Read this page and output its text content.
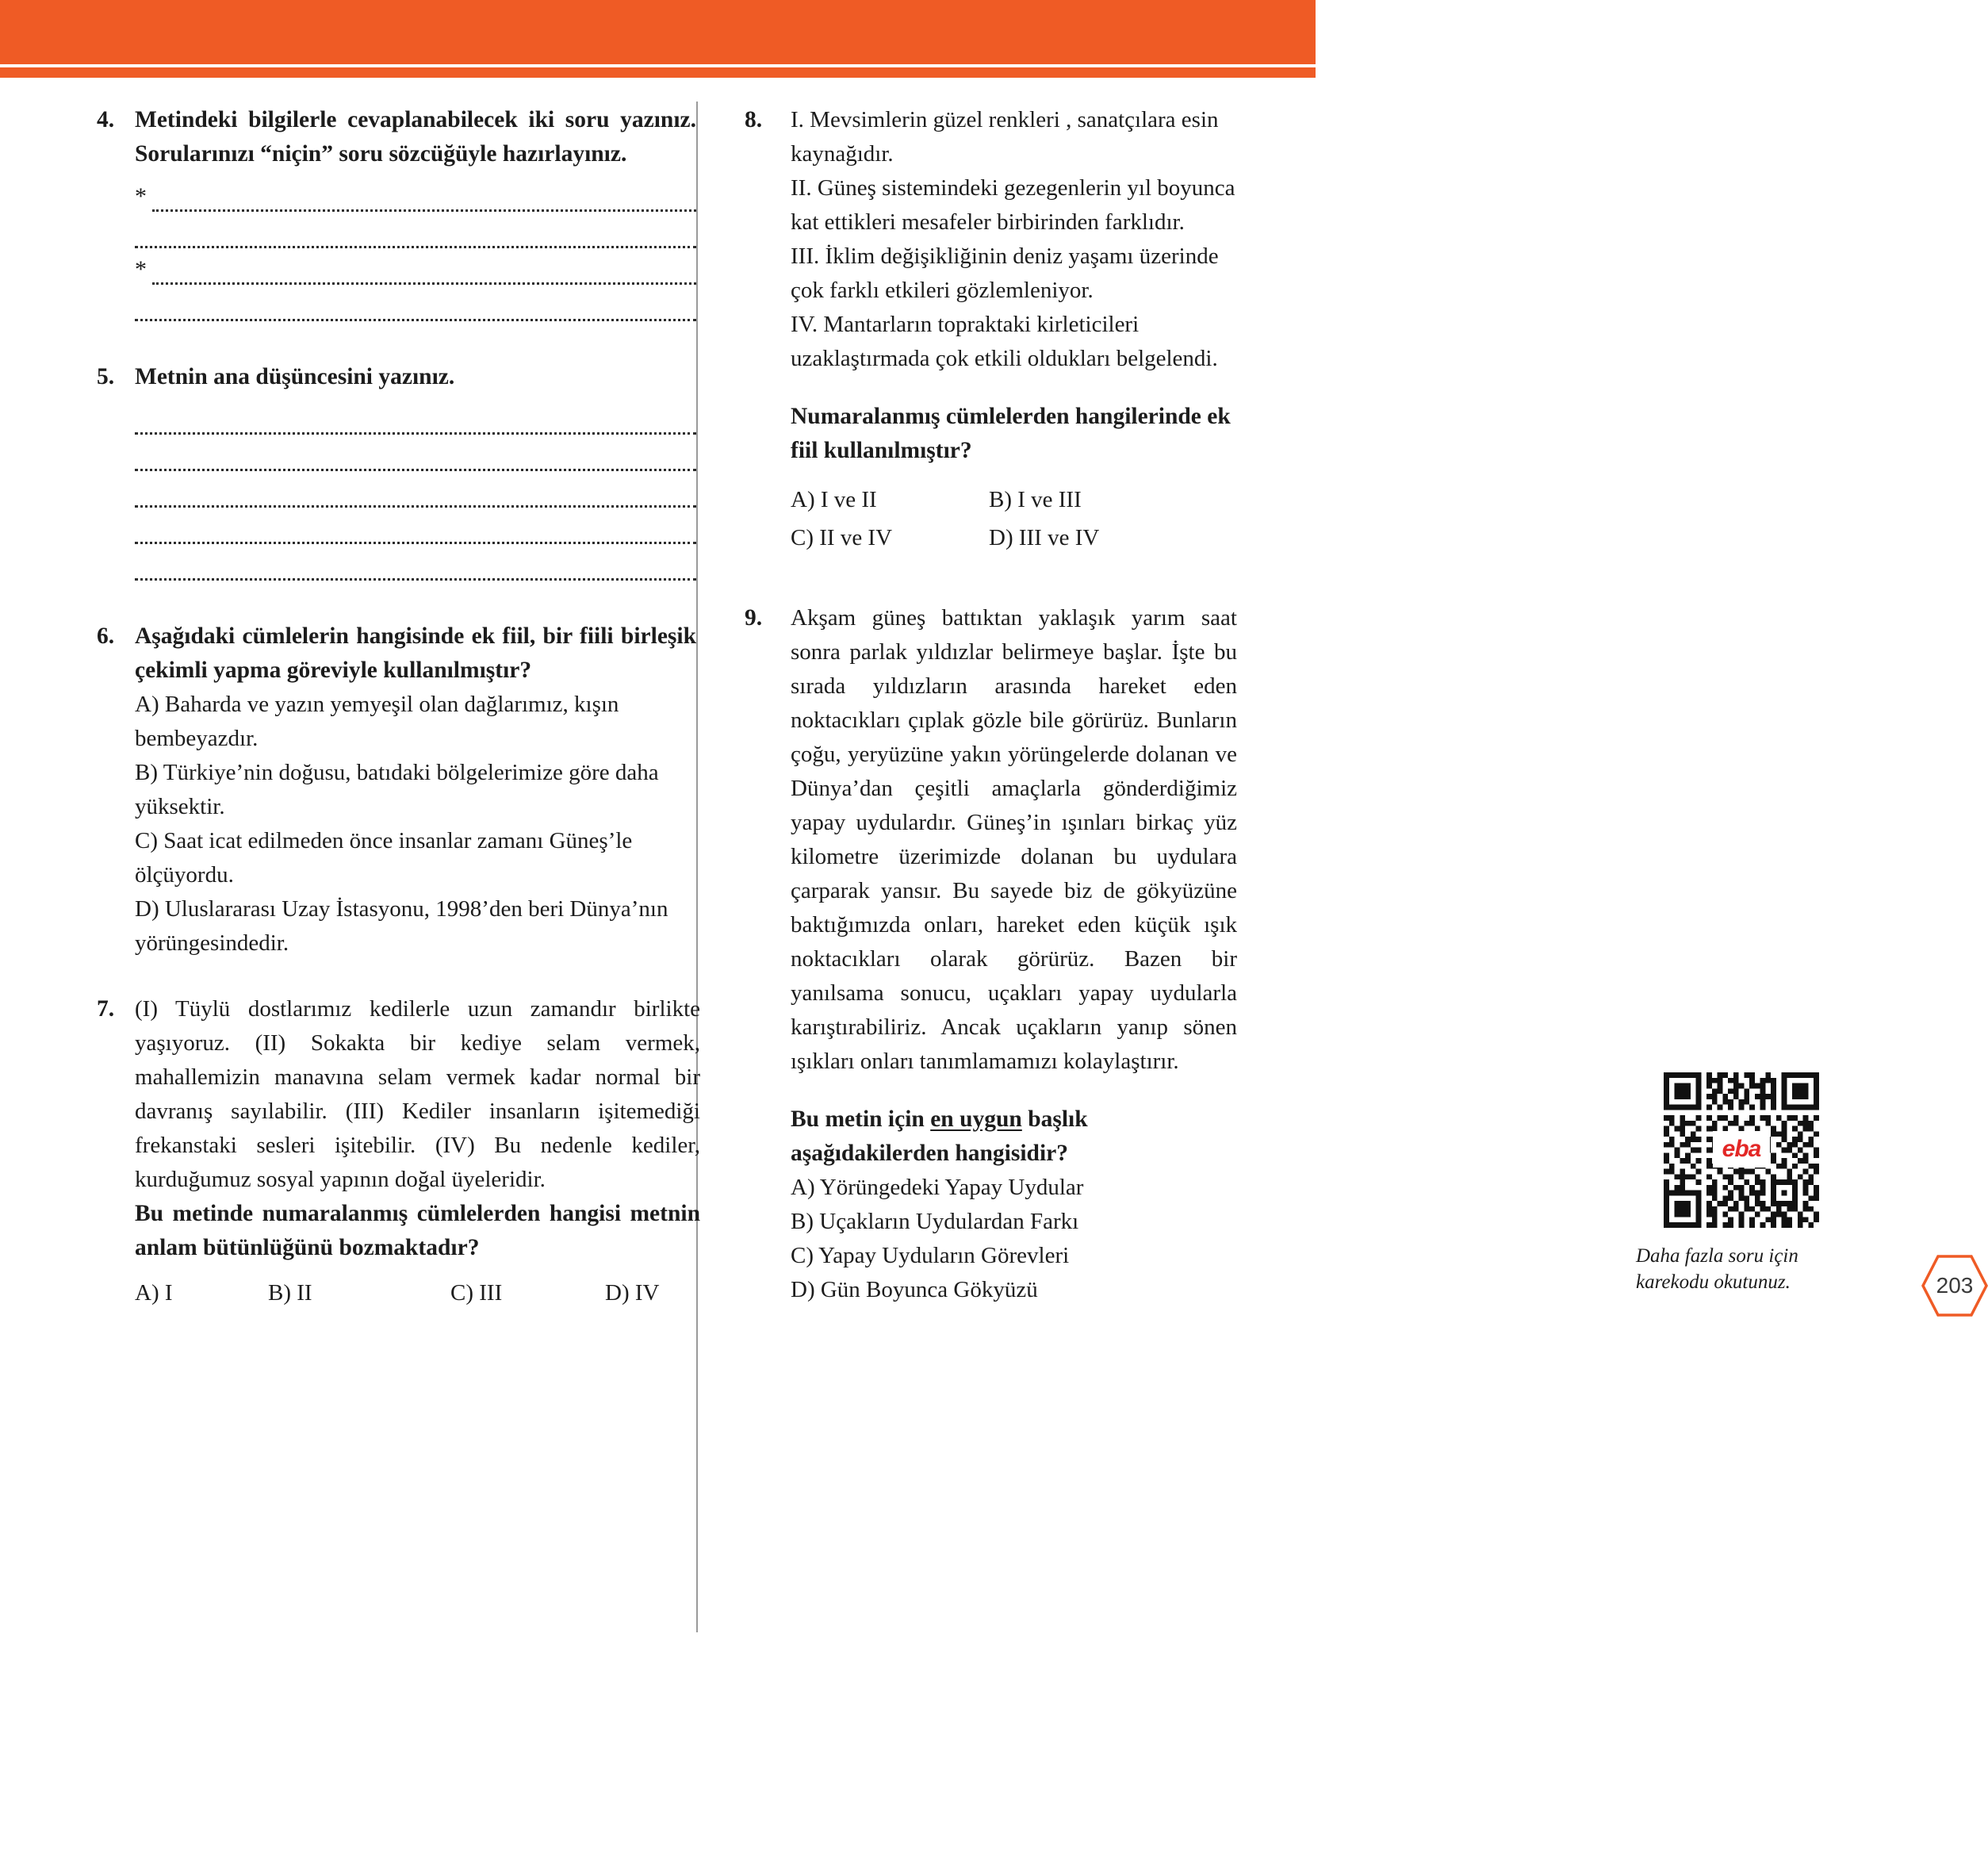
4. Metindeki bilgilerle cevaplanabilecek iki soru yazınız. Sorularınızı “niçin” soru sözcüğüyle hazırlayınız.
*
*
5. Metnin ana düşüncesini yazınız.
6. Aşağıdaki cümlelerin hangisinde ek fiil, bir fiili birleşik çekimli yapma göreviyle kullanılmıştır?
A) Baharda ve yazın yemyeşil olan dağlarımız, kışın bembeyazdır.
B) Türkiye’nin doğusu, batıdaki bölgelerimize göre daha yüksektir.
C) Saat icat edilmeden önce insanlar zamanı Güneş’le ölçüyordu.
D) Uluslararası Uzay İstasyonu, 1998’den beri Dünya’nın yörüngesindedir.
7. (I) Tüylü dostlarımız kedilerle uzun zamandır birlikte yaşıyoruz. (II) Sokakta bir kediye selam vermek, mahallemizin manavına selam vermek kadar normal bir davranış sayılabilir. (III) Kediler insanların işitemediği frekanstaki sesleri işitebilir. (IV) Bu nedenle kediler, kurduğumuz sosyal yapının doğal üyeleridir.
Bu metinde numaralanmış cümlelerden hangisi metnin anlam bütünlüğünü bozmaktadır?
A) I	B) II	C) III	D) IV
8.	I. Mevsimlerin güzel renkleri , sanatçılara esin kaynağıdır.
II. Güneş sistemindeki gezegenlerin yıl boyunca kat ettikleri mesafeler birbirinden farklıdır.
III. İklim değişikliğinin deniz yaşamı üzerinde çok farklı etkileri gözlemleniyor.
IV. Mantarların topraktaki kirleticileri uzaklaştırmada çok etkili oldukları belgelendi.
Numaralanmış cümlelerden hangilerinde ek fiil kullanılmıştır?
A) I ve II	B) I ve III
C) II ve IV	D) III ve IV
9.	Akşam güneş battıktan yaklaşık yarım saat sonra parlak yıldızlar belirmeye başlar. İşte bu sırada yıldızların arasında hareket eden noktacıkları çıplak gözle bile görürüz. Bunların çoğu, yeryüzüne yakın yörüngelerde dolanan ve Dünya’dan çeşitli amaçlarla gönderdiğimiz yapay uydulardır. Güneş’in ışınları birkaç yüz kilometre üzerimizde dolanan bu uydulara çarparak yansır. Bu sayede biz de gökyüzüne baktığımızda onları, hareket eden küçük ışık noktacıkları olarak görürüz. Bazen bir yanılsama sonucu, uçakları yapay uydularla karıştırabiliriz. Ancak uçakların yanıp sönen ışıkları onları tanımlamamızı kolaylaştırır.
Bu metin için en uygun başlık aşağıdakilerden hangisidir?
A) Yörüngedeki Yapay Uydular
B) Uçakların Uydulardan Farkı
C) Yapay Uyduların Görevleri
D) Gün Boyunca Gökyüzü
eba
Daha fazla soru için
karekodu okutunuz.	203
